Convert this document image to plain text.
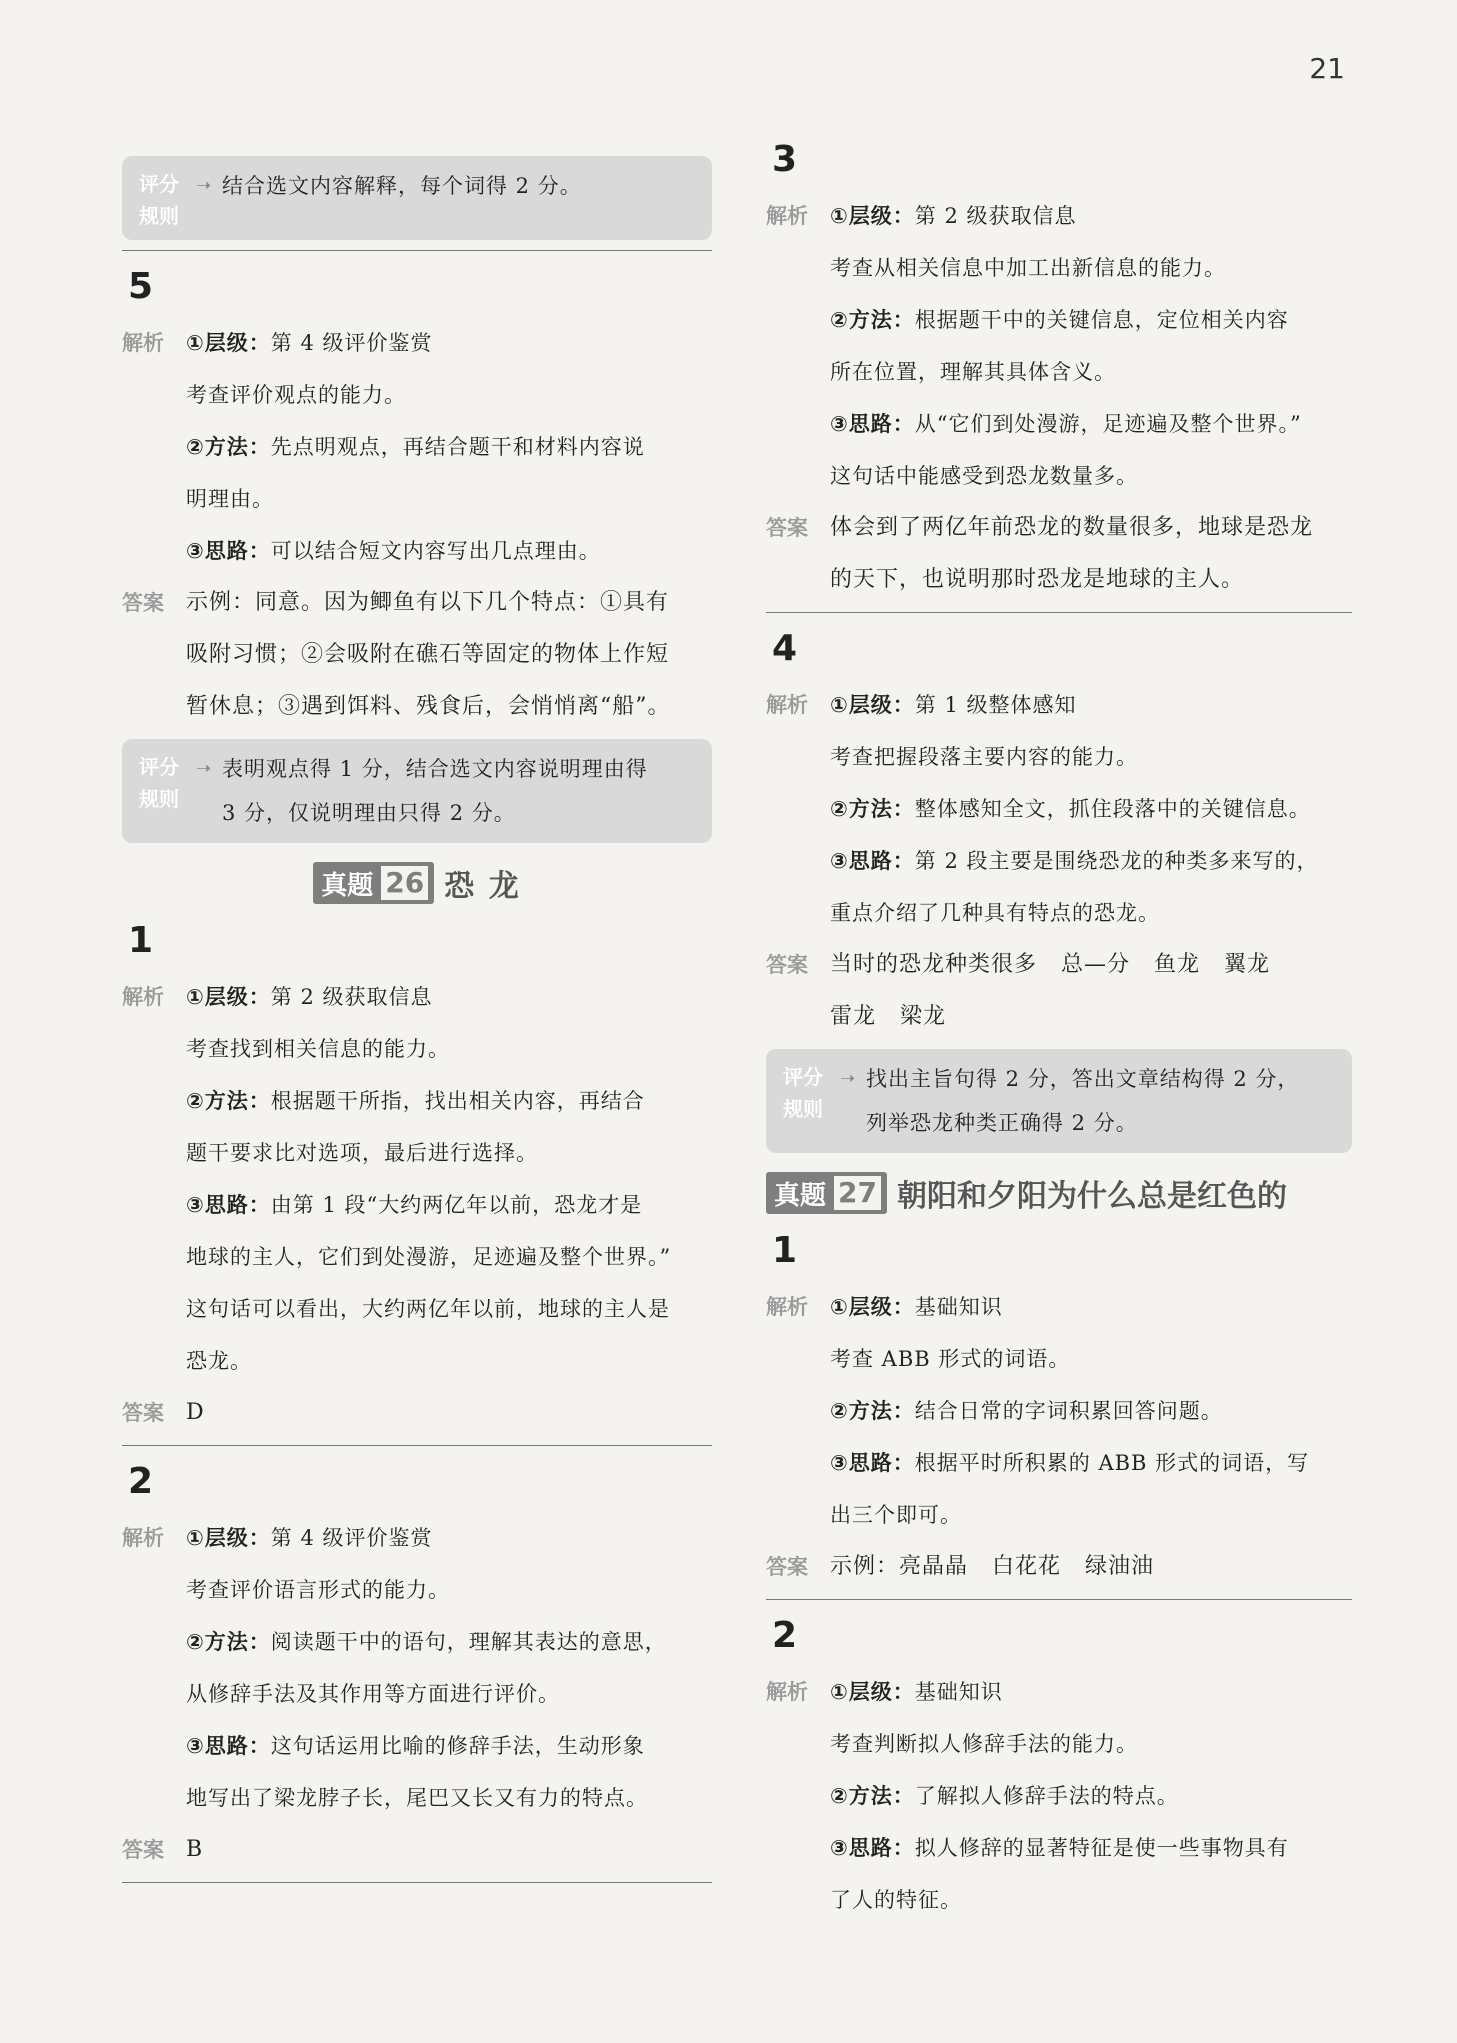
21
评分
规则
➝ 结合选文内容解释，每个词得 2 分。
5
解析	①层级：第 4 级评价鉴赏
考查评价观点的能力。
②方法：先点明观点，再结合题干和材料内容说
明理由。
③思路：可以结合短文内容写出几点理由。
答案	示例：同意。因为鲫鱼有以下几个特点：①具有
吸附习惯；②会吸附在礁石等固定的物体上作短
暂休息；③遇到饵料、残食后，会悄悄离“船”。
评分
规则
➝ 表明观点得 1 分，结合选文内容说明理由得
3 分，仅说明理由只得 2 分。
真题 26 恐 龙
1
解析	①层级：第 2 级获取信息
考查找到相关信息的能力。
②方法：根据题干所指，找出相关内容，再结合
题干要求比对选项，最后进行选择。
③思路：由第 1 段“大约两亿年以前，恐龙才是
地球的主人，它们到处漫游，足迹遍及整个世界。”
这句话可以看出，大约两亿年以前，地球的主人是
恐龙。
答案	D
2
解析	①层级：第 4 级评价鉴赏
考查评价语言形式的能力。
②方法：阅读题干中的语句，理解其表达的意思，
从修辞手法及其作用等方面进行评价。
③思路：这句话运用比喻的修辞手法，生动形象
地写出了梁龙脖子长，尾巴又长又有力的特点。
答案	B
3
解析	①层级：第 2 级获取信息
考查从相关信息中加工出新信息的能力。
②方法：根据题干中的关键信息，定位相关内容
所在位置，理解其具体含义。
③思路：从“它们到处漫游，足迹遍及整个世界。”
这句话中能感受到恐龙数量多。
答案	体会到了两亿年前恐龙的数量很多，地球是恐龙
的天下，也说明那时恐龙是地球的主人。
4
解析	①层级：第 1 级整体感知
考查把握段落主要内容的能力。
②方法：整体感知全文，抓住段落中的关键信息。
③思路：第 2 段主要是围绕恐龙的种类多来写的，
重点介绍了几种具有特点的恐龙。
答案	当时的恐龙种类很多   总—分   鱼龙   翼龙
雷龙   梁龙
评分
规则
➝ 找出主旨句得 2 分，答出文章结构得 2 分，
列举恐龙种类正确得 2 分。
真题 27 朝阳和夕阳为什么总是红色的
1
解析	①层级：基础知识
考查 ABB 形式的词语。
②方法：结合日常的字词积累回答问题。
③思路：根据平时所积累的 ABB 形式的词语，写
出三个即可。
答案	示例：亮晶晶   白花花   绿油油
2
解析	①层级：基础知识
考查判断拟人修辞手法的能力。
②方法：了解拟人修辞手法的特点。
③思路：拟人修辞的显著特征是使一些事物具有
了人的特征。
